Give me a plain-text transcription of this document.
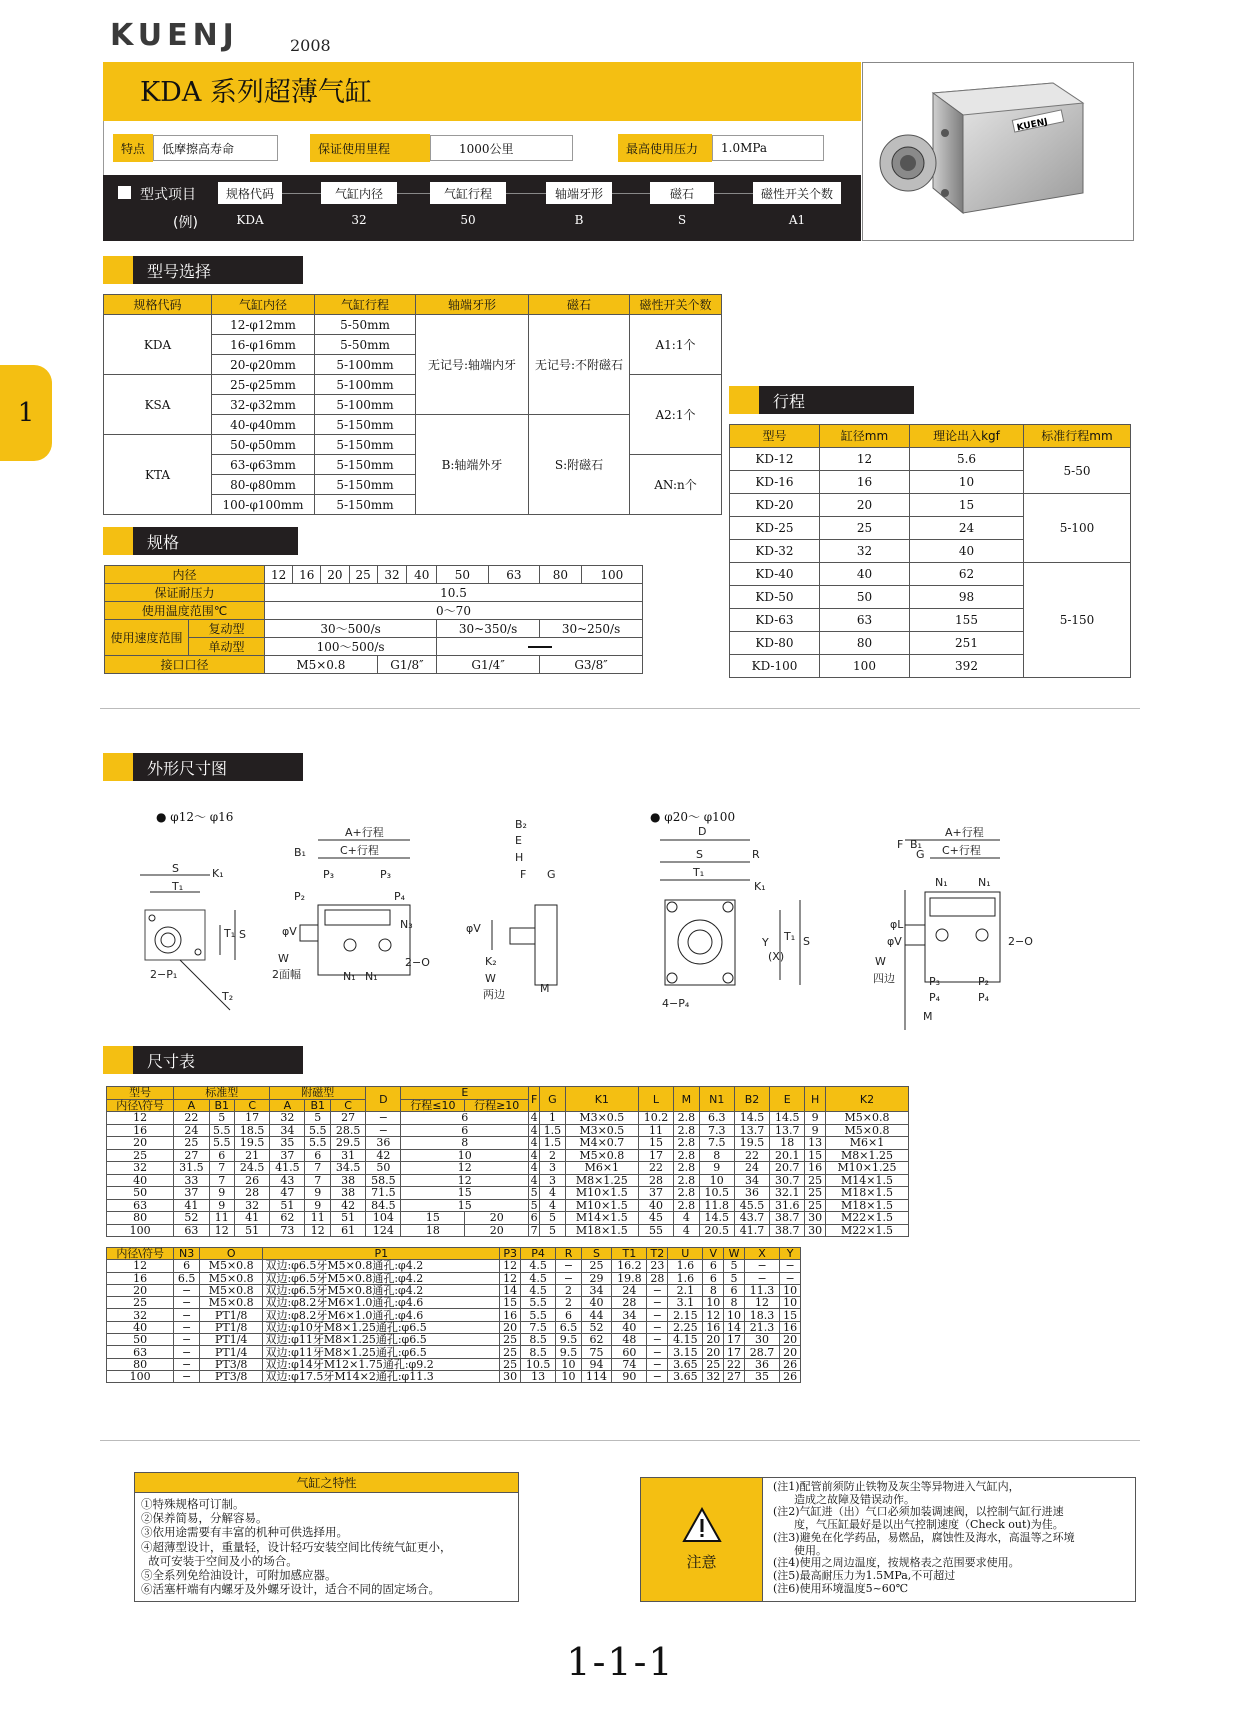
KUENJ	2008
KDA 系列超薄气缸
特点	低摩擦高寿命	保证使用里程	1000公里	最高使用压力	1.0MPa
KUENJ
型式项目
(例)
规格代码	气缸内径	气缸行程	轴端牙形	磁石	磁性开关个数
KDA	32	50	B	S	A1
1
型号选择
规格代码	气缸内径	气缸行程	轴端牙形	磁石	磁性开关个数
KDA	12-φ12mm	5-50mm	无记号:轴端内牙	无记号:不附磁石	A1:1个
	16-φ16mm	5-50mm			
	20-φ20mm	5-100mm			
KSA	25-φ25mm	5-100mm			A2:1个
	32-φ32mm	5-100mm			
	40-φ40mm	5-150mm	B:轴端外牙	S:附磁石	
KTA	50-φ50mm	5-150mm			
	63-φ63mm	5-150mm			AN:n个
	80-φ80mm	5-150mm			
	100-φ100mm	5-150mm			
规格
内径		12	16	20	25	32	40	50	63	80	100
保证耐压力		10.5									
使用温度范围℃		0～70									
使用速度范围	复动型	30～500/s						30~350/s		30~250/s	
	单动型	100～500/s									
接口口径		M5×0.8				G1/8″		G1/4″		G3/8″	
行程
型号	缸径mm	理论出入kgf	标准行程mm
KD-12	12	5.6	5-50
KD-16	16	10	
KD-20	20	15	5-100
KD-25	25	24	
KD-32	32	40	
KD-40	40	62	5-150
KD-50	50	98	
KD-63	63	155	
KD-80	80	251	
KD-100	100	392	
外形尺寸图
● φ12～ φ16	● φ20～ φ100
S
T₁
K₁
S
T₁
2−P₁
T₂
A+行程
C+行程
B₁
P₃	P₃
P₂	P₄
φV
N₃
N₁ N₁
W
2面幅
2−O
B₂
E
H
F G
φV
K₂
W
两边	M
D
S	R
T₁
K₁
Y
(X)
T₁ S
4−P₄
A+行程
C+行程
F B₁
G
N₁	N₁
φL
φV	2−O
W
四边	P₃	P₂
P₄	P₄
M
尺寸表
型号	标准型			附磁型			D	E		F	G	K1	L	M	N1	B2	E	H	K2
内径\符号	A	B1	C	A	B1	C		行程≤10	行程≥10										
12	22	5	17	32	5	27	−	6		4	1	M3×0.5	10.2	2.8	6.3	14.5	14.5	9	M5×0.8
16	24	5.5	18.5	34	5.5	28.5	−	6		4	1.5	M3×0.5	11	2.8	7.3	13.7	13.7	9	M5×0.8
20	25	5.5	19.5	35	5.5	29.5	36	8		4	1.5	M4×0.7	15	2.8	7.5	19.5	18	13	M6×1
25	27	6	21	37	6	31	42	10		4	2	M5×0.8	17	2.8	8	22	20.1	15	M8×1.25
32	31.5	7	24.5	41.5	7	34.5	50	12		4	3	M6×1	22	2.8	9	24	20.7	16	M10×1.25
40	33	7	26	43	7	38	58.5	12		4	3	M8×1.25	28	2.8	10	34	30.7	25	M14×1.5
50	37	9	28	47	9	38	71.5	15		5	4	M10×1.5	37	2.8	10.5	36	32.1	25	M18×1.5
63	41	9	32	51	9	42	84.5	15		5	4	M10×1.5	40	2.8	11.8	45.5	31.6	25	M18×1.5
80	52	11	41	62	11	51	104	15	20	6	5	M14×1.5	45	4	14.5	43.7	38.7	30	M22×1.5
100	63	12	51	73	12	61	124	18	20	7	5	M18×1.5	55	4	20.5	41.7	38.7	30	M22×1.5
内径\符号	N3	O	P1	P3	P4	R	S	T1	T2	U	V	W	X	Y
12	6	M5×0.8	双边:φ6.5牙M5×0.8通孔:φ4.2	12	4.5	−	25	16.2	23	1.6	6	5	−	−
16	6.5	M5×0.8	双边:φ6.5牙M5×0.8通孔:φ4.2	12	4.5	−	29	19.8	28	1.6	6	5	−	−
20	−	M5×0.8	双边:φ6.5牙M5×0.8通孔:φ4.2	14	4.5	2	34	24	−	2.1	8	6	11.3	10
25	−	M5×0.8	双边:φ8.2牙M6×1.0通孔:φ4.6	15	5.5	2	40	28	−	3.1	10	8	12	10
32	−	PT1/8	双边:φ8.2牙M6×1.0通孔:φ4.6	16	5.5	6	44	34	−	2.15	12	10	18.3	15
40	−	PT1/8	双边:φ10牙M8×1.25通孔:φ6.5	20	7.5	6.5	52	40	−	2.25	16	14	21.3	16
50	−	PT1/4	双边:φ11牙M8×1.25通孔:φ6.5	25	8.5	9.5	62	48	−	4.15	20	17	30	20
63	−	PT1/4	双边:φ11牙M8×1.25通孔:φ6.5	25	8.5	9.5	75	60	−	3.15	20	17	28.7	20
80	−	PT3/8	双边:φ14牙M12×1.75通孔:φ9.2	25	10.5	10	94	74	−	3.65	25	22	36	26
100	−	PT3/8	双边:φ17.5牙M14×2通孔:φ11.3	30	13	10	114	90	−	3.65	32	27	35	26
气缸之特性
①特殊规格可订制。
②保养简易，分解容易。
③依用途需要有丰富的机种可供选择用。
④超薄型设计，重量轻，设计轻巧安装空间比传统气缸更小，
故可安装于空间及小的场合。
⑤全系列免给油设计，可附加感应器。
⑥活塞杆端有内螺牙及外螺牙设计，适合不同的固定场合。
注意
(注1)配管前须防止铁物及灰尘等异物进入气缸内，
造成之故障及错误动作。
(注2)气缸进（出）气口必须加装调速阀，以控制气缸行进速
度，气压缸最好是以出气控制速度（Check out)为佳。
(注3)避免在化学药品，易燃品，腐蚀性及海水，高温等之环境
使用。
(注4)使用之周边温度，按规格表之范围要求使用。
(注5)最高耐压力为1.5MPa,不可超过
(注6)使用环境温度5~60℃
1-1-1
